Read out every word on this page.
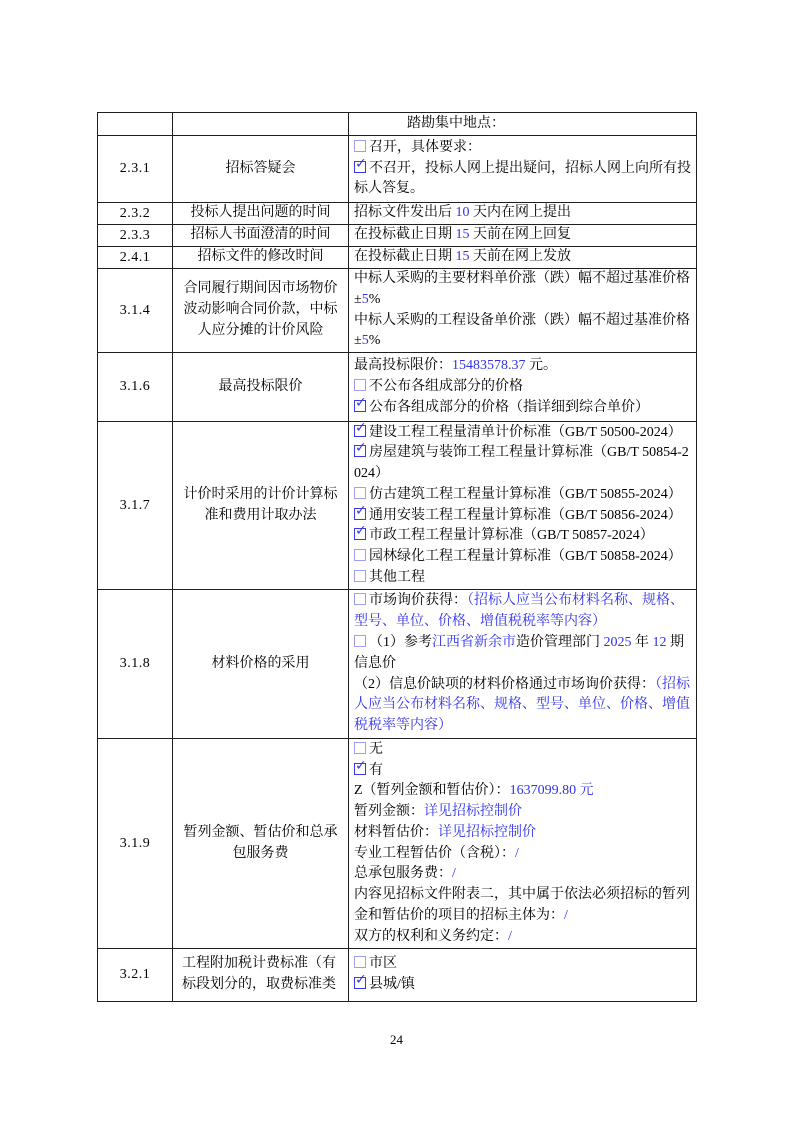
		踏勘集中地点：
2.3.1	招标答疑会	召开，具体要求：
✓ 不召开，投标人网上提出疑问，招标人网上向所有投标人答复。

2.3.2	投标人提出问题的时间	招标文件发出后 10 天内在网上提出

2.3.3	招标人书面澄清的时间	在投标截止日期 15 天前在网上回复

2.4.1	招标文件的修改时间	在投标截止日期 15 天前在网上发放

3.1.4	合同履行期间因市场物价波动影响合同价款，中标人应分摊的计价风险	中标人采购的主要材料单价涨（跌）幅不超过基准价格±5%
中标人采购的工程设备单价涨（跌）幅不超过基准价格±5%

3.1.6	最高投标限价	最高投标限价：15483578.37 元。
不公布各组成部分的价格
✓ 公布各组成部分的价格（指详细到综合单价）

3.1.7	计价时采用的计价计算标准和费用计取办法	
✓ 建设工程工程量清单计价标准（GB/T 50500-2024）
✓ 房屋建筑与装饰工程工程量计算标准（GB/T 50854-2024）
仿古建筑工程工程量计算标准（GB/T 50855-2024）
✓ 通用安装工程工程量计算标准（GB/T 50856-2024）
✓ 市政工程工程量计算标准（GB/T 50857-2024）
园林绿化工程工程量计算标准（GB/T 50858-2024）
其他工程

3.1.8	材料价格的采用	市场询价获得：（招标人应当公布材料名称、规格、型号、单位、价格、增值税税率等内容）
（1）参考江西省新余市造价管理部门 2025 年 12 期信息价
（2）信息价缺项的材料价格通过市场询价获得：（招标人应当公布材料名称、规格、型号、单位、价格、增值税税率等内容）

3.1.9	暂列金额、暂估价和总承包服务费	
无
✓ 有
Z（暂列金额和暂估价）：1637099.80 元
暂列金额：详见招标控制价
材料暂估价：详见招标控制价
专业工程暂估价（含税）：/
总承包服务费：/
内容见招标文件附表二，其中属于依法必须招标的暂列金和暂估价的项目的招标主体为：/
双方的权利和义务约定：/

3.2.1	工程附加税计费标准（有标段划分的，取费标准类	市区
✓ 县城/镇
24
